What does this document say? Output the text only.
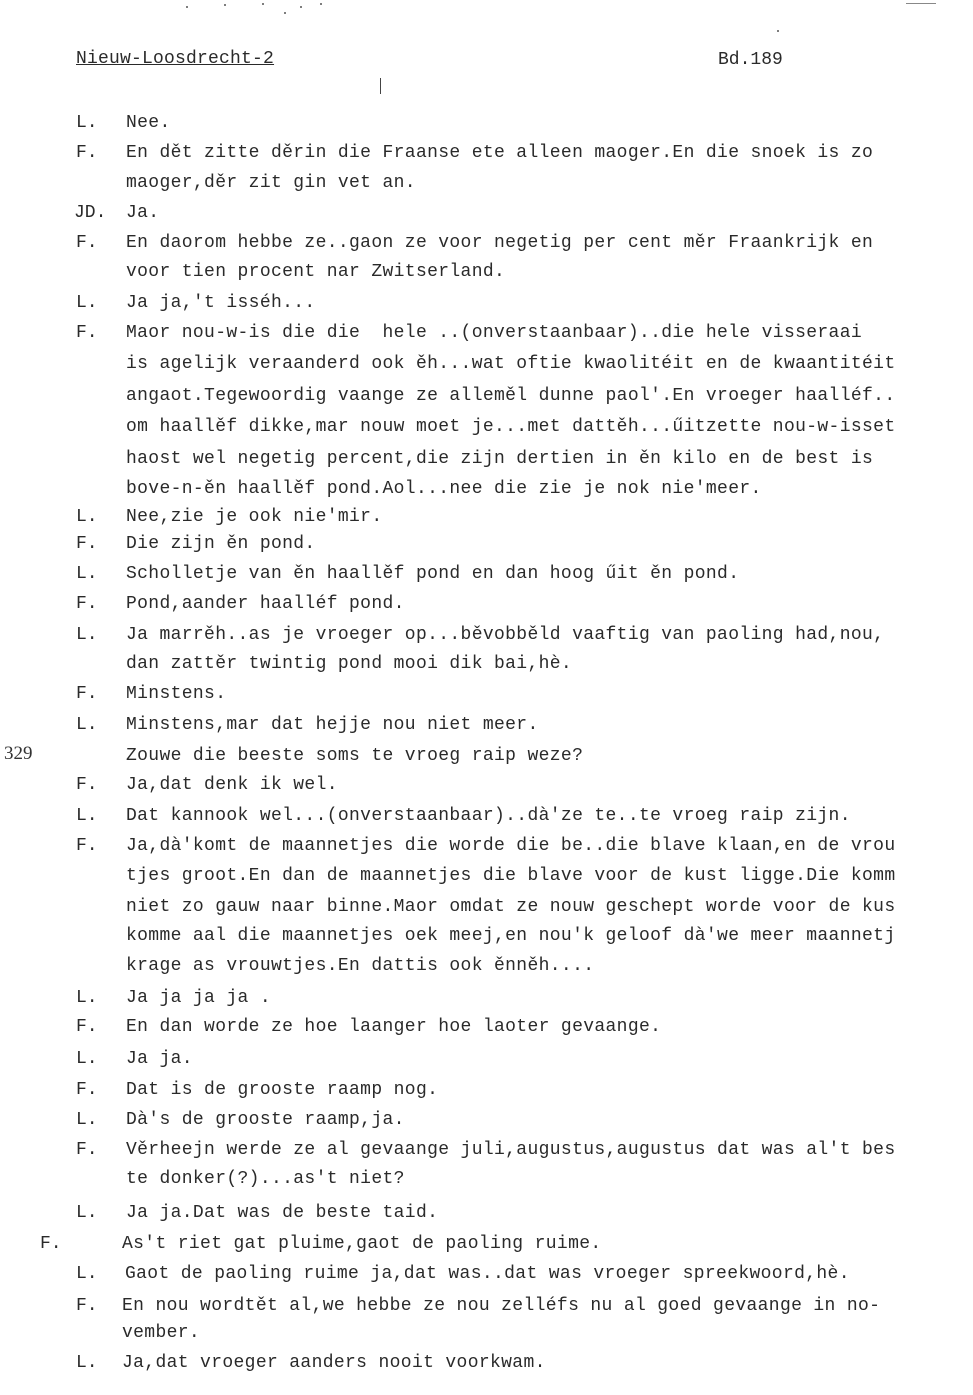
Nieuw-Loosdrecht-2	Bd.189
329
L. Nee.
F. En dět zitte děrin die Fraanse ete alleen maoger.En die snoek is zo
maoger,děr zit gin vet an.
JD. Ja.
F. En daorom hebbe ze..gaon ze voor negetig per cent měr Fraankrijk en
voor tien procent nar Zwitserland.
L. Ja ja,'t isséh...
F. Maor nou-w-is die die  hele ..(onverstaanbaar)..die hele visseraai
is agelijk veraanderd ook ěh...wat oftie kwaolitéit en de kwaantitéit
angaot.Tegewoordig vaange ze alleměl dunne paol'.En vroeger haalléf..
om haallěf dikke,mar nouw moet je...met dattěh...űitzette nou-w-isset
haost wel negetig percent,die zijn dertien in ěn kilo en de best is
bove-n-ěn haallěf pond.Aol...nee die zie je nok nie'meer.
L. Nee,zie je ook nie'mir.
F. Die zijn ěn pond.
L. Scholletje van ěn haallěf pond en dan hoog űit ěn pond.
F. Pond,aander haalléf pond.
L. Ja marrěh..as je vroeger op...běvobběld vaaftig van paoling had,nou,
dan zattěr twintig pond mooi dik bai,hè.
F. Minstens.
L. Minstens,mar dat hejje nou niet meer.
Zouwe die beeste soms te vroeg raip weze?
F. Ja,dat denk ik wel.
L. Dat kannook wel...(onverstaanbaar)..dà'ze te..te vroeg raip zijn.
F. Ja,dà'komt de maannetjes die worde die be..die blave klaan,en de vrou
tjes groot.En dan de maannetjes die blave voor de kust ligge.Die komm
niet zo gauw naar binne.Maor omdat ze nouw geschept worde voor de kus
komme aal die maannetjes oek meej,en nou'k geloof dà'we meer maannetj
krage as vrouwtjes.En dattis ook ěnněh....
L. Ja ja ja ja .
F. En dan worde ze hoe laanger hoe laoter gevaange.
L. Ja ja.
F. Dat is de grooste raamp nog.
L. Dà's de grooste raamp,ja.
F. Věrheejn werde ze al gevaange juli,augustus,augustus dat was al't bes
te donker(?)...as't niet?
L. Ja ja.Dat was de beste taid.
F.	As't riet gat pluime,gaot de paoling ruime.
L. Gaot de paoling ruime ja,dat was..dat was vroeger spreekwoord,hè.
F. En nou wordtět al,we hebbe ze nou zelléfs nu al goed gevaange in no-
vember.
L. Ja,dat vroeger aanders nooit voorkwam.
